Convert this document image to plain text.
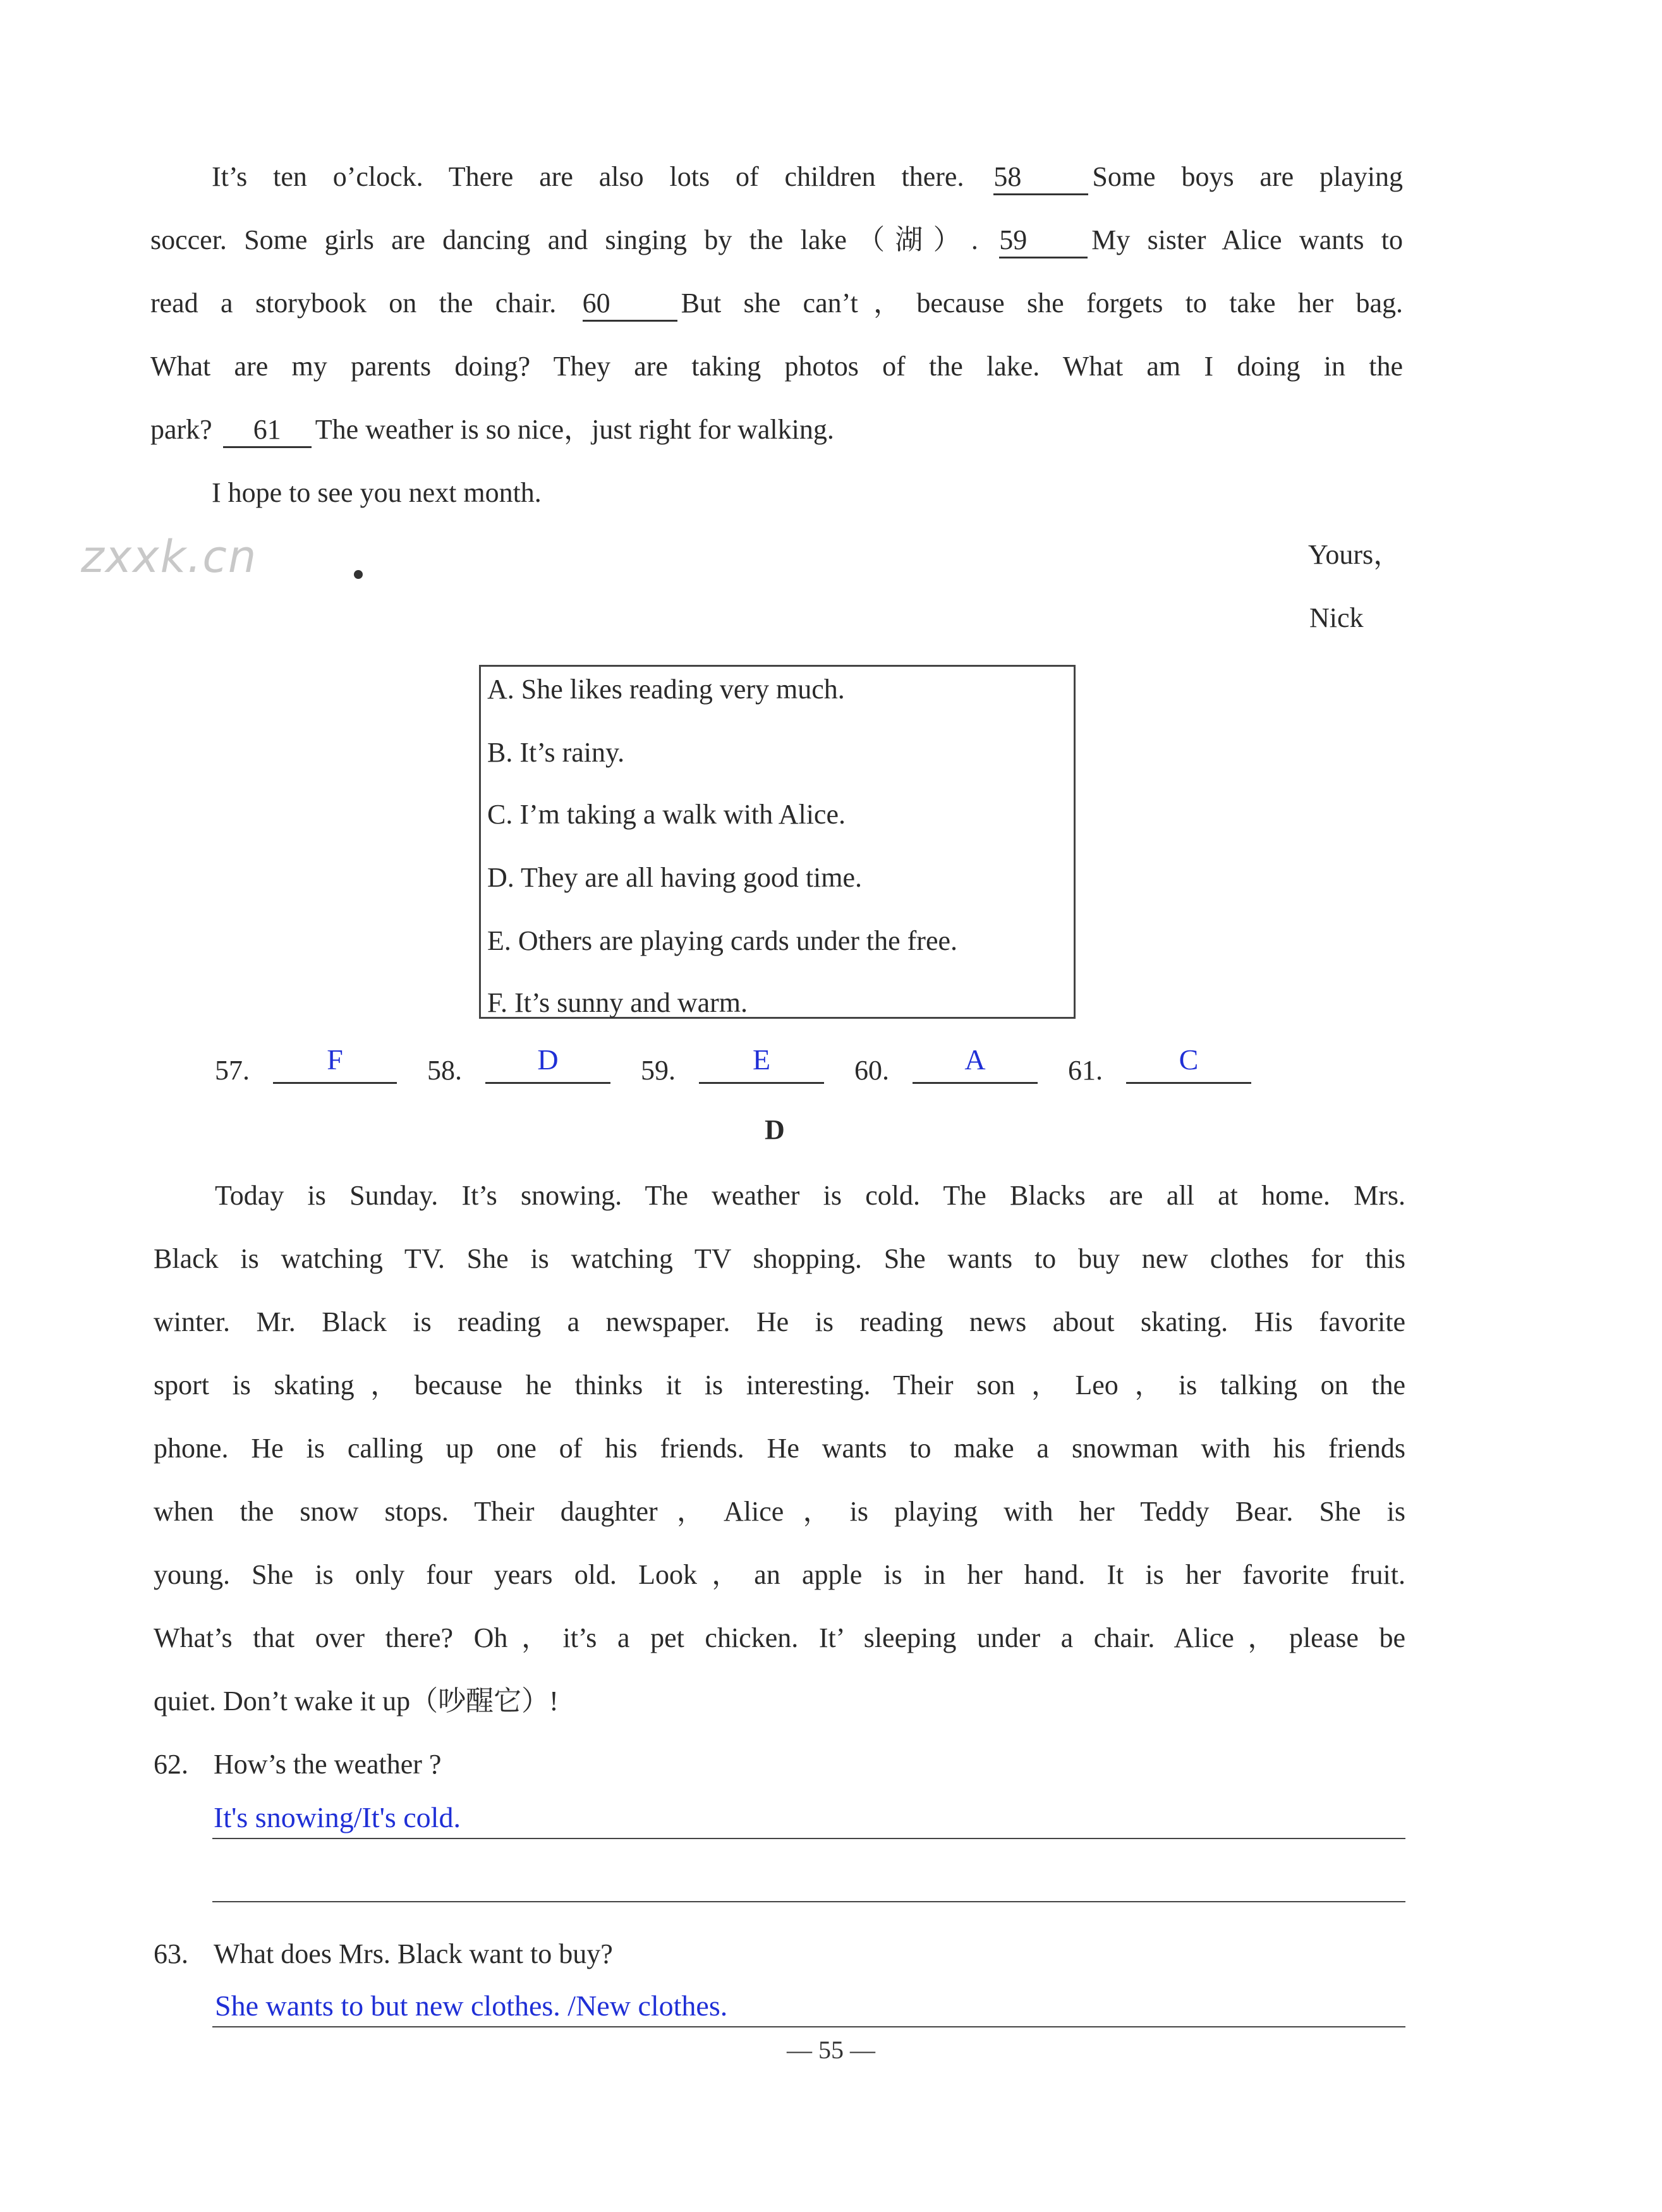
It’s ten o’clock. There are also lots of children there. 58	Some boys are playing
soccer. Some girls are dancing and singing by the lake（湖）. 59 My sister Alice wants to
read a storybook on the chair. 60	But she can’t，because she forgets to take her bag.
What are my parents doing? They are taking photos of the lake. What am I doing in the
park? 61 The weather is so nice，just right for walking.
I hope to see you next month.
Yours，
Nick
zxxk.cn
A. She likes reading very much.
B. It’s rainy.
C. I’m taking a walk with Alice.
D. They are all having good time.
E. Others are playing cards under the free.
F. It’s sunny and warm.
57.	F	58.	D	59.	E	60.	A	61.	C
D
Today is Sunday. It’s snowing. The weather is cold. The Blacks are all at home. Mrs.
Black is watching TV. She is watching TV shopping. She wants to buy new clothes for this
winter. Mr. Black is reading a newspaper. He is reading news about skating. His favorite
sport is skating，because he thinks it is interesting. Their son，Leo，is talking on the
phone. He is calling up one of his friends. He wants to make a snowman with his friends
when the snow stops. Their daughter，Alice，is playing with her Teddy Bear. She is
young. She is only four years old. Look，an apple is in her hand. It is her favorite fruit.
What’s that over there? Oh，it’s a pet chicken. It’ sleeping under a chair. Alice，please be
quiet. Don’t wake it up（吵醒它）!
62. How’s the weather ?
It's snowing/It's cold.
63. What does Mrs. Black want to buy?
She wants to but new clothes. /New clothes.
— 55 —
